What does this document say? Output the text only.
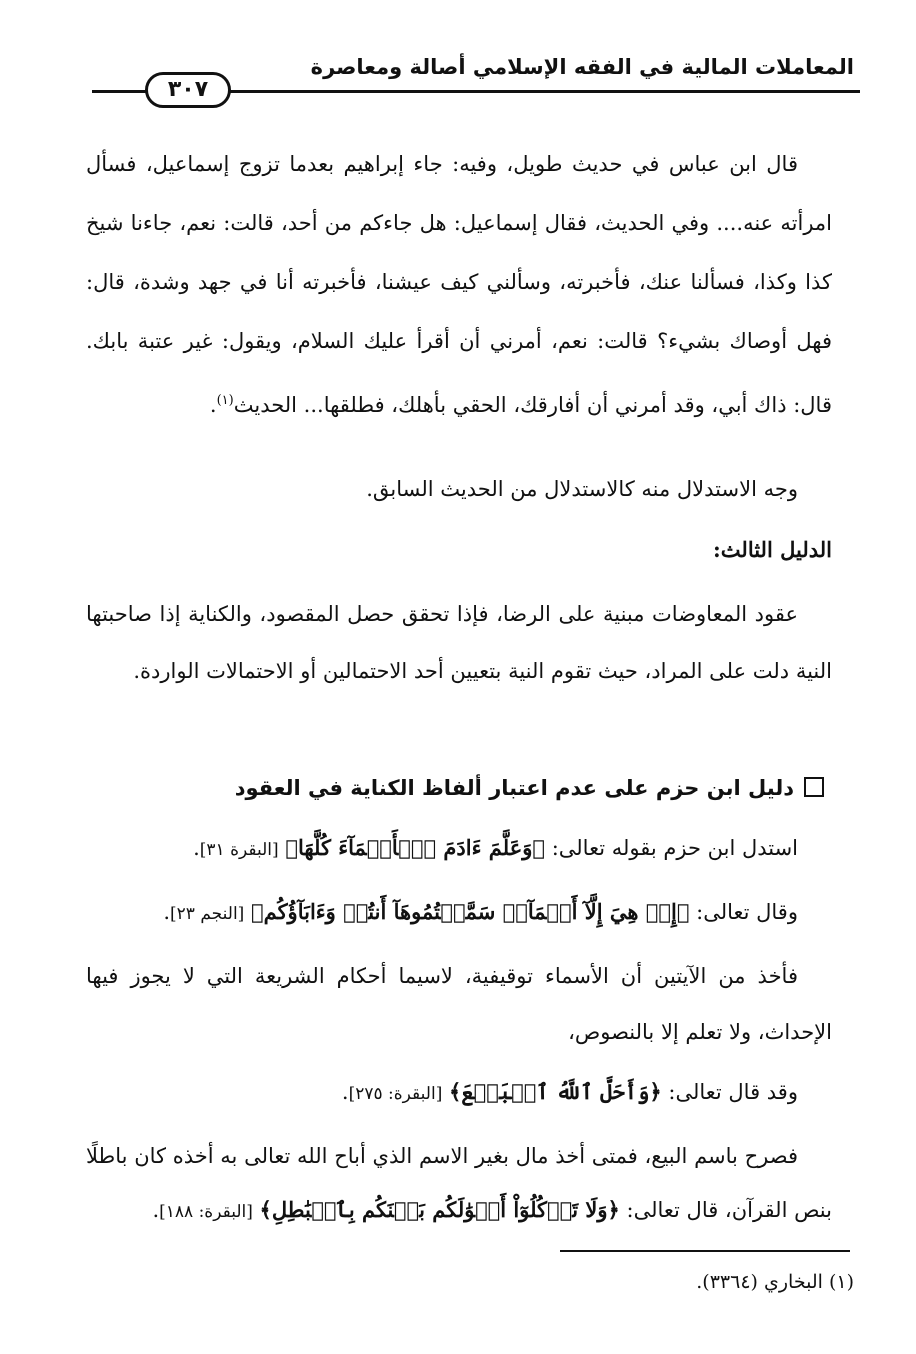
المعاملات المالية في الفقه الإسلامي أصالة ومعاصرة
٣٠٧

قال ابن عباس في حديث طويل، وفيه: جاء إبراهيم بعدما تزوج إسماعيل، فسأل امرأته عنه.... وفي الحديث، فقال إسماعيل: هل جاءكم من أحد، قالت: نعم، جاءنا شيخ كذا وكذا، فسألنا عنك، فأخبرته، وسألني كيف عيشنا، فأخبرته أنا في جهد وشدة، قال: فهل أوصاك بشيء؟ قالت: نعم، أمرني أن أقرأ عليك السلام، ويقول: غير عتبة بابك. قال: ذاك أبي، وقد أمرني أن أفارقك، الحقي بأهلك، فطلقها... الحديث$^{(١)}$.

وجه الاستدلال منه كالاستدلال من الحديث السابق.

الدليل الثالث:

عقود المعاوضات مبنية على الرضا، فإذا تحقق حصل المقصود، والكناية إذا صاحبتها النية دلت على المراد، حيث تقوم النية بتعيين أحد الاحتمالين أو الاحتمالات الواردة.

دليل ابن حزم على عدم اعتبار ألفاظ الكناية في العقود

استدل ابن حزم بقوله تعالى: ﴿وَعَلَّمَ ءَادَمَ ٱلۡأَسۡمَآءَ كُلَّهَا﴾ [البقرة ٣١].

وقال تعالى: ﴿إِنۡ هِيَ إِلَّآ أَسۡمَآءٞ سَمَّيۡتُمُوهَآ أَنتُمۡ وَءَابَآؤُكُم﴾ [النجم ٢٣].

فأخذ من الآيتين أن الأسماء توقيفية، لاسيما أحكام الشريعة التي لا يجوز فيها الإحداث، ولا تعلم إلا بالنصوص،

وقد قال تعالى: ﴿وَأَحَلَّ ٱللَّهُ ٱلۡبَيۡعَ﴾ [البقرة: ٢٧٥].

فصرح باسم البيع، فمتى أخذ مال بغير الاسم الذي أباح الله تعالى به أخذه كان باطلًا بنص القرآن، قال تعالى: ﴿وَلَا تَأۡكُلُوٓاْ أَمۡوَٰلَكُم بَيۡنَكُم بِٱلۡبَٰطِلِ﴾ [البقرة: ١٨٨].

(١) البخاري (٣٣٦٤).
